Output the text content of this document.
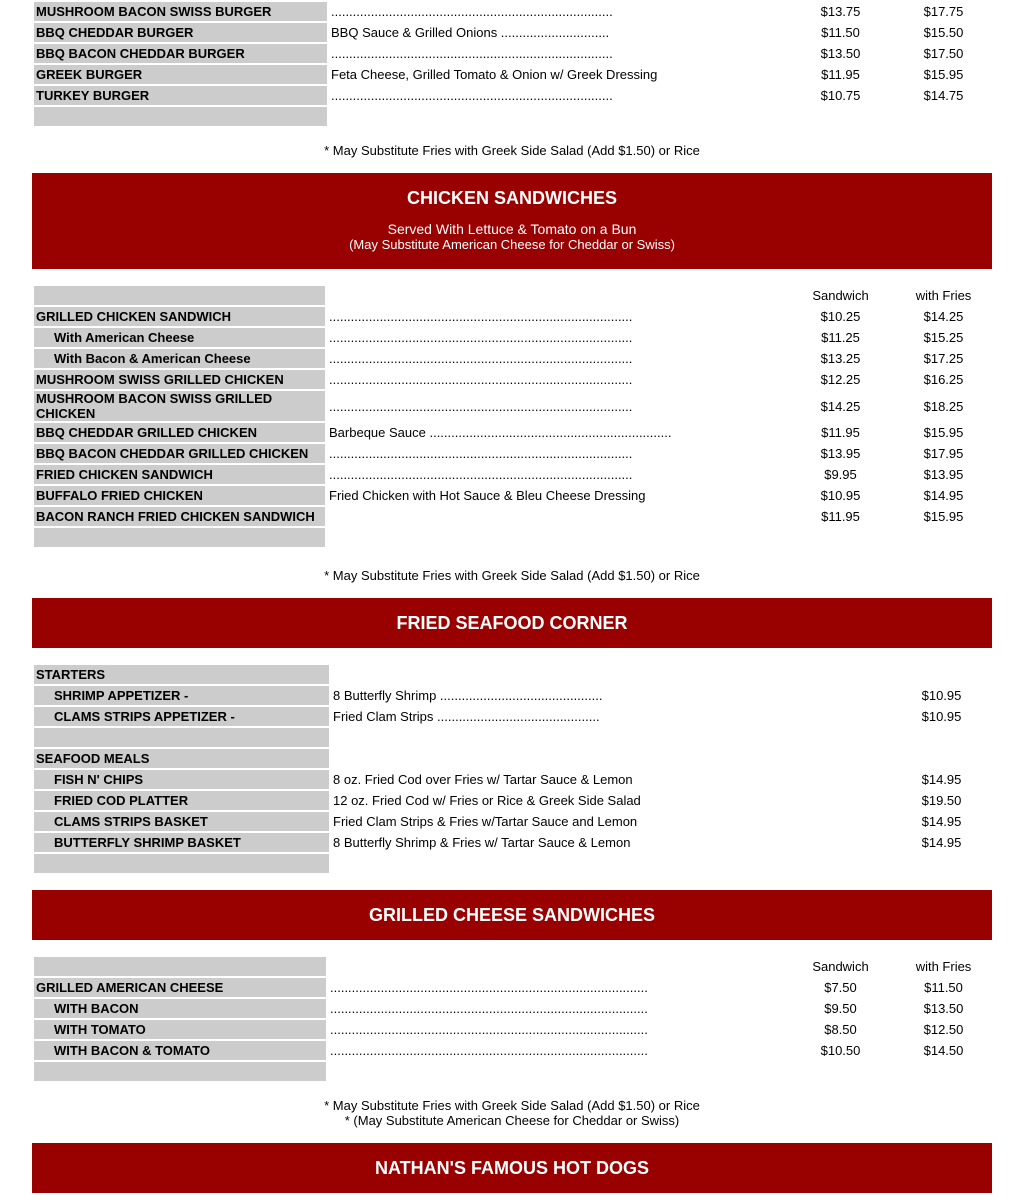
MUSHROOM BACON SWISS BURGER	..............................................................................	$13.75	$17.75
BBQ CHEDDAR BURGER	BBQ Sauce & Grilled Onions ..............................	$11.50	$15.50
BBQ BACON CHEDDAR BURGER	..............................................................................	$13.50	$17.50
GREEK BURGER	Feta Cheese, Grilled Tomato & Onion w/ Greek Dressing	$11.95	$15.95
TURKEY BURGER	..............................................................................	$10.75	$14.75

* May Substitute Fries with Greek Side Salad (Add $1.50) or Rice
CHICKEN SANDWICHES
Served With Lettuce & Tomato on a Bun
(May Substitute American Cheese for Cheddar or Swiss)
		Sandwich	with Fries
GRILLED CHICKEN SANDWICH	....................................................................................	$10.25	$14.25
With American Cheese	....................................................................................	$11.25	$15.25
With Bacon & American Cheese	....................................................................................	$13.25	$17.25
MUSHROOM SWISS GRILLED CHICKEN	....................................................................................	$12.25	$16.25
MUSHROOM BACON SWISS GRILLED CHICKEN	....................................................................................	$14.25	$18.25
BBQ CHEDDAR GRILLED CHICKEN	Barbeque Sauce ...................................................................	$11.95	$15.95
BBQ BACON CHEDDAR GRILLED CHICKEN	....................................................................................	$13.95	$17.95
FRIED CHICKEN SANDWICH	....................................................................................	$9.95	$13.95
BUFFALO FRIED CHICKEN	Fried Chicken with Hot Sauce & Bleu Cheese Dressing	$10.95	$14.95
BACON RANCH FRIED CHICKEN SANDWICH		$11.95	$15.95

* May Substitute Fries with Greek Side Salad (Add $1.50) or Rice
FRIED SEAFOOD CORNER
STARTERS		
SHRIMP APPETIZER -	8 Butterfly Shrimp .............................................	$10.95
CLAMS STRIPS APPETIZER -	Fried Clam Strips .............................................	$10.95

SEAFOOD MEALS		
FISH N' CHIPS	8 oz. Fried Cod over Fries w/ Tartar Sauce & Lemon	$14.95
FRIED COD PLATTER	12 oz. Fried Cod w/ Fries or Rice & Greek Side Salad	$19.50
CLAMS STRIPS BASKET	Fried Clam Strips & Fries w/Tartar Sauce and Lemon	$14.95
BUTTERFLY SHRIMP BASKET	8 Butterfly Shrimp & Fries w/ Tartar Sauce & Lemon	$14.95

GRILLED CHEESE SANDWICHES
		Sandwich	with Fries
GRILLED AMERICAN CHEESE	........................................................................................	$7.50	$11.50
WITH BACON	........................................................................................	$9.50	$13.50
WITH TOMATO	........................................................................................	$8.50	$12.50
WITH BACON & TOMATO	........................................................................................	$10.50	$14.50

* May Substitute Fries with Greek Side Salad (Add $1.50) or Rice
* (May Substitute American Cheese for Cheddar or Swiss)
NATHAN'S FAMOUS HOT DOGS
